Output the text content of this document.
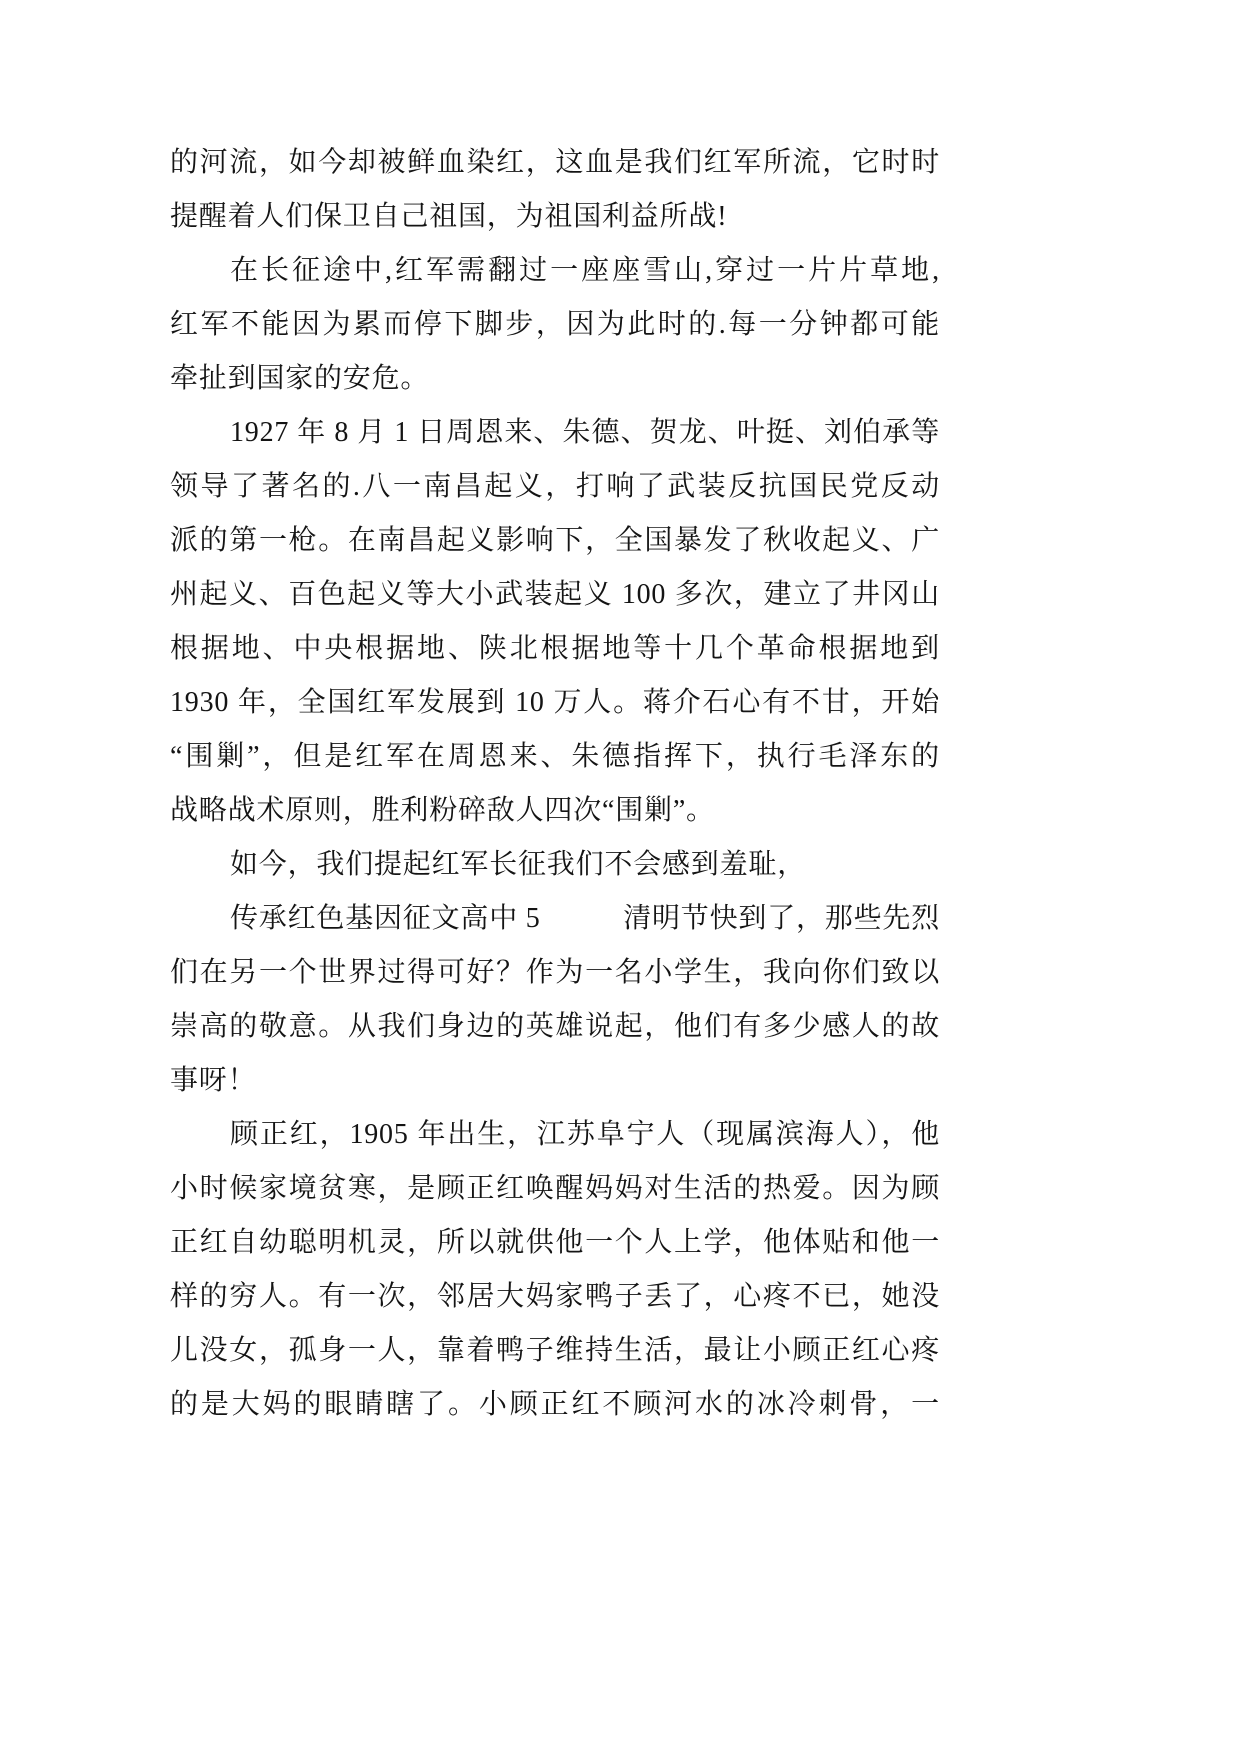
的河流，如今却被鲜血染红，这血是我们红军所流，它时时
提醒着人们保卫自己祖国，为祖国利益所战!
在长征途中,红军需翻过一座座雪山,穿过一片片草地,
红军不能因为累而停下脚步，因为此时的.每一分钟都可能
牵扯到国家的安危。
1927 年 8 月 1 日周恩来、朱德、贺龙、叶挺、刘伯承等
领导了著名的.八一南昌起义，打响了武装反抗国民党反动
派的第一枪。在南昌起义影响下，全国暴发了秋收起义、广
州起义、百色起义等大小武装起义 100 多次，建立了井冈山
根据地、中央根据地、陕北根据地等十几个革命根据地到
1930 年，全国红军发展到 10 万人。蒋介石心有不甘，开始
“围剿”，但是红军在周恩来、朱德指挥下，执行毛泽东的
战略战术原则，胜利粉碎敌人四次“围剿”。
如今，我们提起红军长征我们不会感到羞耻，
传承红色基因征文高中 5	清明节快到了，那些先烈
们在另一个世界过得可好？作为一名小学生，我向你们致以
崇高的敬意。从我们身边的英雄说起，他们有多少感人的故
事呀！
顾正红，1905 年出生，江苏阜宁人（现属滨海人），他
小时候家境贫寒，是顾正红唤醒妈妈对生活的热爱。因为顾
正红自幼聪明机灵，所以就供他一个人上学，他体贴和他一
样的穷人。有一次，邻居大妈家鸭子丢了，心疼不已，她没
儿没女，孤身一人，靠着鸭子维持生活，最让小顾正红心疼
的是大妈的眼睛瞎了。小顾正红不顾河水的冰冷刺骨，一
